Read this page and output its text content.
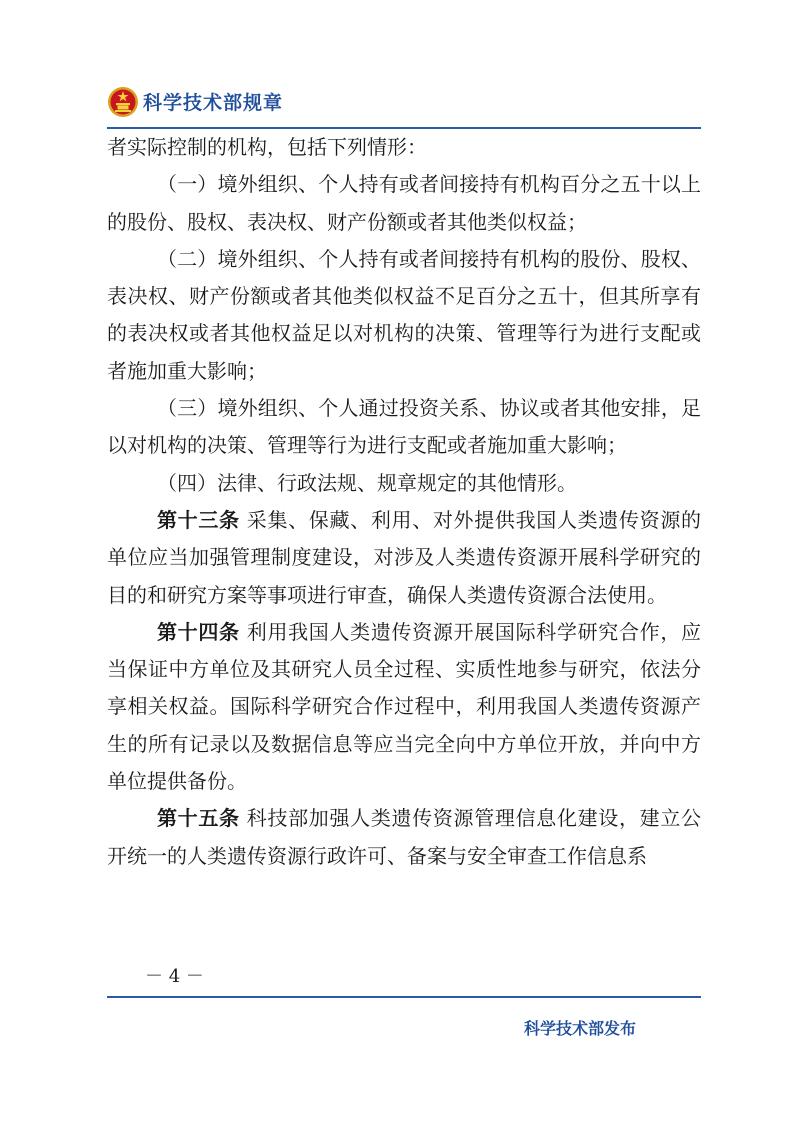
科学技术部规章

者实际控制的机构，包括下列情形：

（一）境外组织、个人持有或者间接持有机构百分之五十以上的股份、股权、表决权、财产份额或者其他类似权益；

（二）境外组织、个人持有或者间接持有机构的股份、股权、表决权、财产份额或者其他类似权益不足百分之五十，但其所享有的表决权或者其他权益足以对机构的决策、管理等行为进行支配或者施加重大影响；

（三）境外组织、个人通过投资关系、协议或者其他安排，足以对机构的决策、管理等行为进行支配或者施加重大影响；

（四）法律、行政法规、规章规定的其他情形。

第十三条 采集、保藏、利用、对外提供我国人类遗传资源的单位应当加强管理制度建设，对涉及人类遗传资源开展科学研究的目的和研究方案等事项进行审查，确保人类遗传资源合法使用。

第十四条 利用我国人类遗传资源开展国际科学研究合作，应当保证中方单位及其研究人员全过程、实质性地参与研究，依法分享相关权益。国际科学研究合作过程中，利用我国人类遗传资源产生的所有记录以及数据信息等应当完全向中方单位开放，并向中方单位提供备份。

第十五条 科技部加强人类遗传资源管理信息化建设，建立公开统一的人类遗传资源行政许可、备案与安全审查工作信息系

－ 4 －
科学技术部发布
